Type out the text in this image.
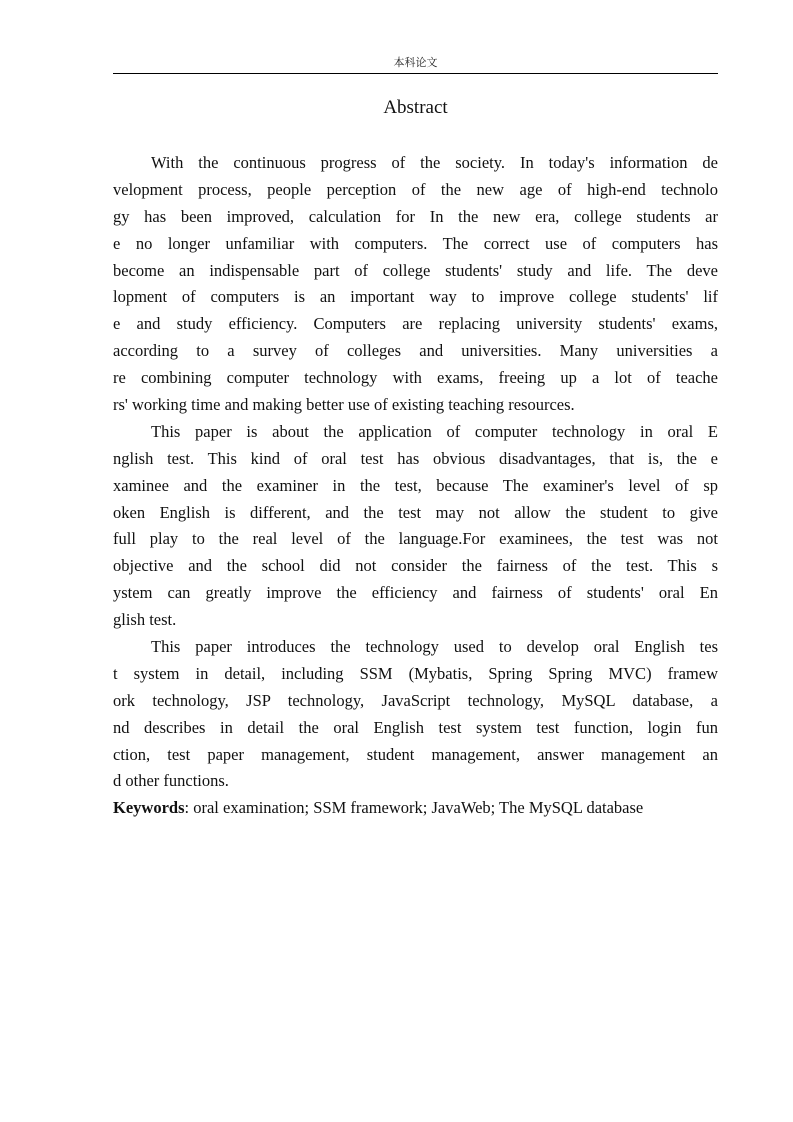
本科论文
Abstract
With the continuous progress of the society. In today's information de
velopment process, people perception of the new age of high-end technolo
gy has been improved, calculation for In the new era, college students ar
e no longer unfamiliar with computers. The correct use of computers has
become an indispensable part of college students' study and life. The deve
lopment of computers is an important way to improve college students' lif
e and study efficiency. Computers are replacing university students' exams,
according to a survey of colleges and universities. Many universities a
re combining computer technology with exams, freeing up a lot of teache
rs' working time and making better use of existing teaching resources.
This paper is about the application of computer technology in oral E
nglish test. This kind of oral test has obvious disadvantages, that is, the e
xaminee and the examiner in the test, because The examiner's level of sp
oken English is different, and the test may not allow the student to give
full play to the real level of the language.For examinees, the test was not
objective and the school did not consider the fairness of the test. This s
ystem can greatly improve the efficiency and fairness of students' oral En
glish test.
This paper introduces the technology used to develop oral English tes
t system in detail, including SSM (Mybatis, Spring Spring MVC) framew
ork technology, JSP technology, JavaScript technology, MySQL database, a
nd describes in detail the oral English test system test function, login fun
ction, test paper management, student management, answer management an
d other functions.
Keywords: oral examination; SSM framework; JavaWeb; The MySQL database
